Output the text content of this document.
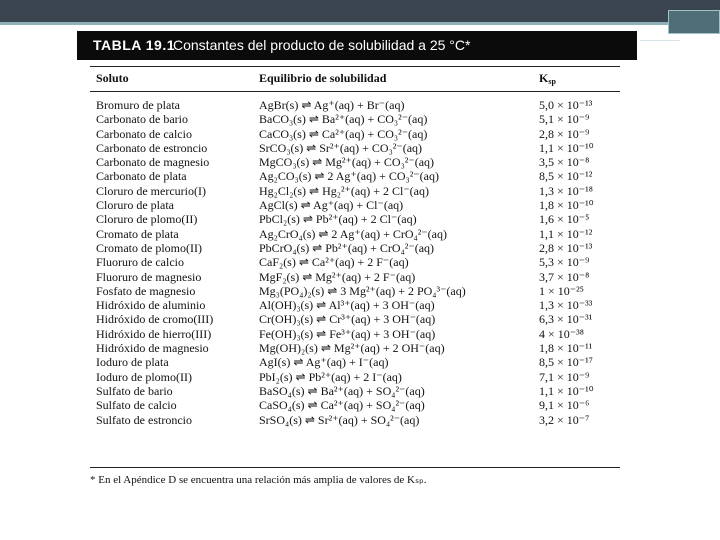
TABLA 19.1
Constantes del producto de solubilidad a 25 °C*
Soluto	Equilibrio de solubilidad	$K_{sp}$
Bromuro de plata	AgBr(s) ⇌ Ag⁺(aq) + Br⁻(aq)	5,0 × 10⁻¹³
Carbonato de bario	BaCO₃(s) ⇌ Ba²⁺(aq) + CO₃²⁻(aq)	5,1 × 10⁻⁹
Carbonato de calcio	CaCO₃(s) ⇌ Ca²⁺(aq) + CO₃²⁻(aq)	2,8 × 10⁻⁹
Carbonato de estroncio	SrCO₃(s) ⇌ Sr²⁺(aq) + CO₃²⁻(aq)	1,1 × 10⁻¹⁰
Carbonato de magnesio	MgCO₃(s) ⇌ Mg²⁺(aq) + CO₃²⁻(aq)	3,5 × 10⁻⁸
Carbonato de plata	Ag₂CO₃(s) ⇌ 2 Ag⁺(aq) + CO₃²⁻(aq)	8,5 × 10⁻¹²
Cloruro de mercurio(I)	Hg₂Cl₂(s) ⇌ Hg₂²⁺(aq) + 2 Cl⁻(aq)	1,3 × 10⁻¹⁸
Cloruro de plata	AgCl(s) ⇌ Ag⁺(aq) + Cl⁻(aq)	1,8 × 10⁻¹⁰
Cloruro de plomo(II)	PbCl₂(s) ⇌ Pb²⁺(aq) + 2 Cl⁻(aq)	1,6 × 10⁻⁵
Cromato de plata	Ag₂CrO₄(s) ⇌ 2 Ag⁺(aq) + CrO₄²⁻(aq)	1,1 × 10⁻¹²
Cromato de plomo(II)	PbCrO₄(s) ⇌ Pb²⁺(aq) + CrO₄²⁻(aq)	2,8 × 10⁻¹³
Fluoruro de calcio	CaF₂(s) ⇌ Ca²⁺(aq) + 2 F⁻(aq)	5,3 × 10⁻⁹
Fluoruro de magnesio	MgF₂(s) ⇌ Mg²⁺(aq) + 2 F⁻(aq)	3,7 × 10⁻⁸
Fosfato de magnesio	Mg₃(PO₄)₂(s) ⇌ 3 Mg²⁺(aq) + 2 PO₄³⁻(aq)	1 × 10⁻²⁵
Hidróxido de aluminio	Al(OH)₃(s) ⇌ Al³⁺(aq) + 3 OH⁻(aq)	1,3 × 10⁻³³
Hidróxido de cromo(III)	Cr(OH)₃(s) ⇌ Cr³⁺(aq) + 3 OH⁻(aq)	6,3 × 10⁻³¹
Hidróxido de hierro(III)	Fe(OH)₃(s) ⇌ Fe³⁺(aq) + 3 OH⁻(aq)	4 × 10⁻³⁸
Hidróxido de magnesio	Mg(OH)₂(s) ⇌ Mg²⁺(aq) + 2 OH⁻(aq)	1,8 × 10⁻¹¹
Ioduro de plata	AgI(s) ⇌ Ag⁺(aq) + I⁻(aq)	8,5 × 10⁻¹⁷
Ioduro de plomo(II)	PbI₂(s) ⇌ Pb²⁺(aq) + 2 I⁻(aq)	7,1 × 10⁻⁹
Sulfato de bario	BaSO₄(s) ⇌ Ba²⁺(aq) + SO₄²⁻(aq)	1,1 × 10⁻¹⁰
Sulfato de calcio	CaSO₄(s) ⇌ Ca²⁺(aq) + SO₄²⁻(aq)	9,1 × 10⁻⁶
Sulfato de estroncio	SrSO₄(s) ⇌ Sr²⁺(aq) + SO₄²⁻(aq)	3,2 × 10⁻⁷
* En el Apéndice D se encuentra una relación más amplia de valores de Kₛₚ.
